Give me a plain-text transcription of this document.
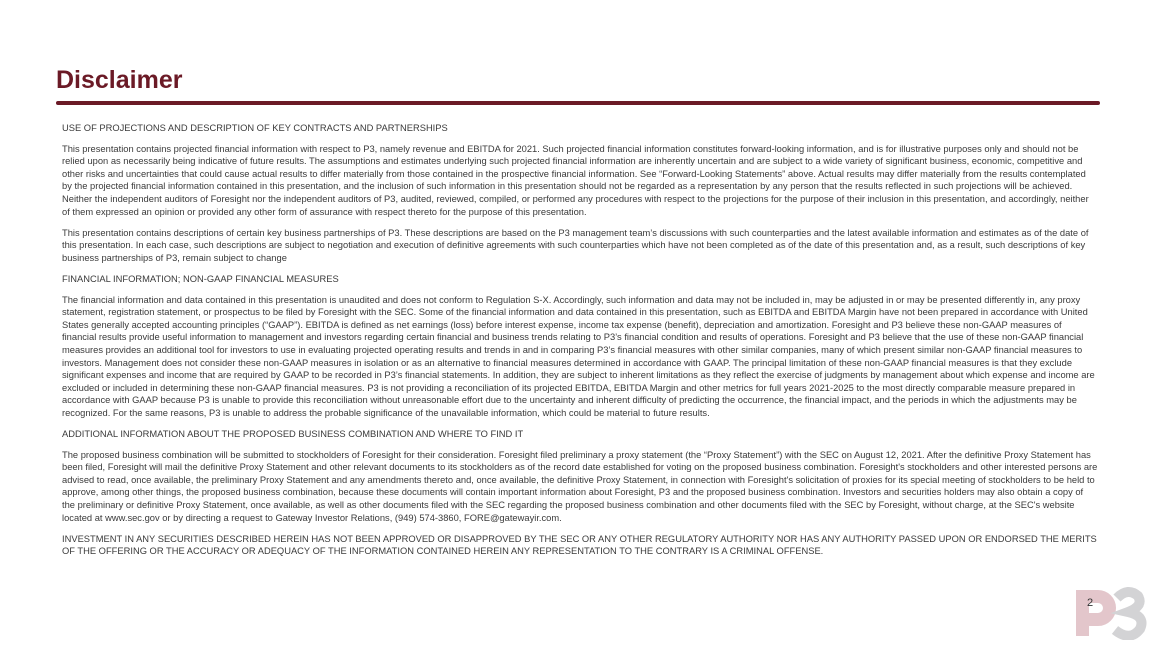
Disclaimer

USE OF PROJECTIONS AND DESCRIPTION OF KEY CONTRACTS AND PARTNERSHIPS

This presentation contains projected financial information with respect to P3, namely revenue and EBITDA for 2021. Such projected financial information constitutes forward-looking information, and is for illustrative purposes only and should not be relied upon as necessarily being indicative of future results. The assumptions and estimates underlying such projected financial information are inherently uncertain and are subject to a wide variety of significant business, economic, competitive and other risks and uncertainties that could cause actual results to differ materially from those contained in the prospective financial information. See “Forward-Looking Statements” above. Actual results may differ materially from the results contemplated by the projected financial information contained in this presentation, and the inclusion of such information in this presentation should not be regarded as a representation by any person that the results reflected in such projections will be achieved. Neither the independent auditors of Foresight nor the independent auditors of P3, audited, reviewed, compiled, or performed any procedures with respect to the projections for the purpose of their inclusion in this presentation, and accordingly, neither of them expressed an opinion or provided any other form of assurance with respect thereto for the purpose of this presentation.

This presentation contains descriptions of certain key business partnerships of P3. These descriptions are based on the P3 management team’s discussions with such counterparties and the latest available information and estimates as of the date of this presentation. In each case, such descriptions are subject to negotiation and execution of definitive agreements with such counterparties which have not been completed as of the date of this presentation and, as a result, such descriptions of key business partnerships of P3, remain subject to change

FINANCIAL INFORMATION; NON-GAAP FINANCIAL MEASURES

The financial information and data contained in this presentation is unaudited and does not conform to Regulation S-X. Accordingly, such information and data may not be included in, may be adjusted in or may be presented differently in, any proxy statement, registration statement, or prospectus to be filed by Foresight with the SEC. Some of the financial information and data contained in this presentation, such as EBITDA and EBITDA Margin have not been prepared in accordance with United States generally accepted accounting principles (“GAAP”). EBITDA is defined as net earnings (loss) before interest expense, income tax expense (benefit), depreciation and amortization. Foresight and P3 believe these non-GAAP measures of financial results provide useful information to management and investors regarding certain financial and business trends relating to P3’s financial condition and results of operations. Foresight and P3 believe that the use of these non-GAAP financial measures provides an additional tool for investors to use in evaluating projected operating results and trends in and in comparing P3’s financial measures with other similar companies, many of which present similar non-GAAP financial measures to investors. Management does not consider these non-GAAP measures in isolation or as an alternative to financial measures determined in accordance with GAAP. The principal limitation of these non-GAAP financial measures is that they exclude significant expenses and income that are required by GAAP to be recorded in P3’s financial statements. In addition, they are subject to inherent limitations as they reflect the exercise of judgments by management about which expense and income are excluded or included in determining these non-GAAP financial measures. P3 is not providing a reconciliation of its projected EBITDA, EBITDA Margin and other metrics for full years 2021-2025 to the most directly comparable measure prepared in accordance with GAAP because P3 is unable to provide this reconciliation without unreasonable effort due to the uncertainty and inherent difficulty of predicting the occurrence, the financial impact, and the periods in which the adjustments may be recognized. For the same reasons, P3 is unable to address the probable significance of the unavailable information, which could be material to future results.

ADDITIONAL INFORMATION ABOUT THE PROPOSED BUSINESS COMBINATION AND WHERE TO FIND IT

The proposed business combination will be submitted to stockholders of Foresight for their consideration. Foresight filed preliminary a proxy statement (the “Proxy Statement”) with the SEC on August 12, 2021. After the definitive Proxy Statement has been filed, Foresight will mail the definitive Proxy Statement and other relevant documents to its stockholders as of the record date established for voting on the proposed business combination. Foresight's stockholders and other interested persons are advised to read, once available, the preliminary Proxy Statement and any amendments thereto and, once available, the definitive Proxy Statement, in connection with Foresight's solicitation of proxies for its special meeting of stockholders to be held to approve, among other things, the proposed business combination, because these documents will contain important information about Foresight, P3 and the proposed business combination. Investors and securities holders may also obtain a copy of the preliminary or definitive Proxy Statement, once available, as well as other documents filed with the SEC regarding the proposed business combination and other documents filed with the SEC by Foresight, without charge, at the SEC's website located at www.sec.gov or by directing a request to Gateway Investor Relations, (949) 574-3860, FORE@gatewayir.com.

INVESTMENT IN ANY SECURITIES DESCRIBED HEREIN HAS NOT BEEN APPROVED OR DISAPPROVED BY THE SEC OR ANY OTHER REGULATORY AUTHORITY NOR HAS ANY AUTHORITY PASSED UPON OR ENDORSED THE MERITS OF THE OFFERING OR THE ACCURACY OR ADEQUACY OF THE INFORMATION CONTAINED HEREIN ANY REPRESENTATION TO THE CONTRARY IS A CRIMINAL OFFENSE.

2
